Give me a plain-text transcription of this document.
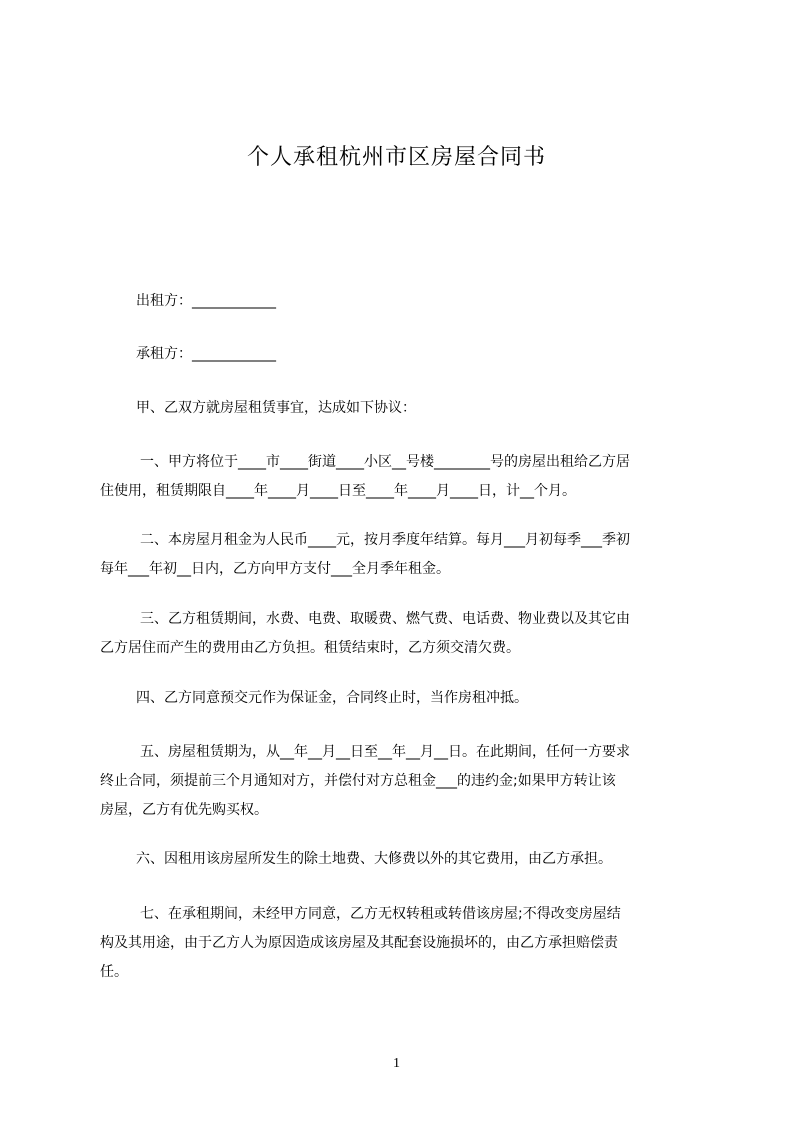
个人承租杭州市区房屋合同书

出租方：____________

承租方：____________

甲、乙双方就房屋租赁事宜，达成如下协议：

一、甲方将位于____市____街道____小区__号楼________号的房屋出租给乙方居
住使用，租赁期限自____年____月____日至____年____月____日，计__个月。

二、本房屋月租金为人民币____元，按月季度年结算。每月___月初每季___季初
每年___年初__日内，乙方向甲方支付___全月季年租金。

三、乙方租赁期间，水费、电费、取暖费、燃气费、电话费、物业费以及其它由
乙方居住而产生的费用由乙方负担。租赁结束时，乙方须交清欠费。

四、乙方同意预交元作为保证金，合同终止时，当作房租冲抵。

五、房屋租赁期为，从__年__月__日至__年__月__日。在此期间，任何一方要求
终止合同，须提前三个月通知对方，并偿付对方总租金___的违约金;如果甲方转让该
房屋，乙方有优先购买权。

六、因租用该房屋所发生的除土地费、大修费以外的其它费用，由乙方承担。

七、在承租期间，未经甲方同意，乙方无权转租或转借该房屋;不得改变房屋结
构及其用途，由于乙方人为原因造成该房屋及其配套设施损坏的，由乙方承担赔偿责
任。

1
